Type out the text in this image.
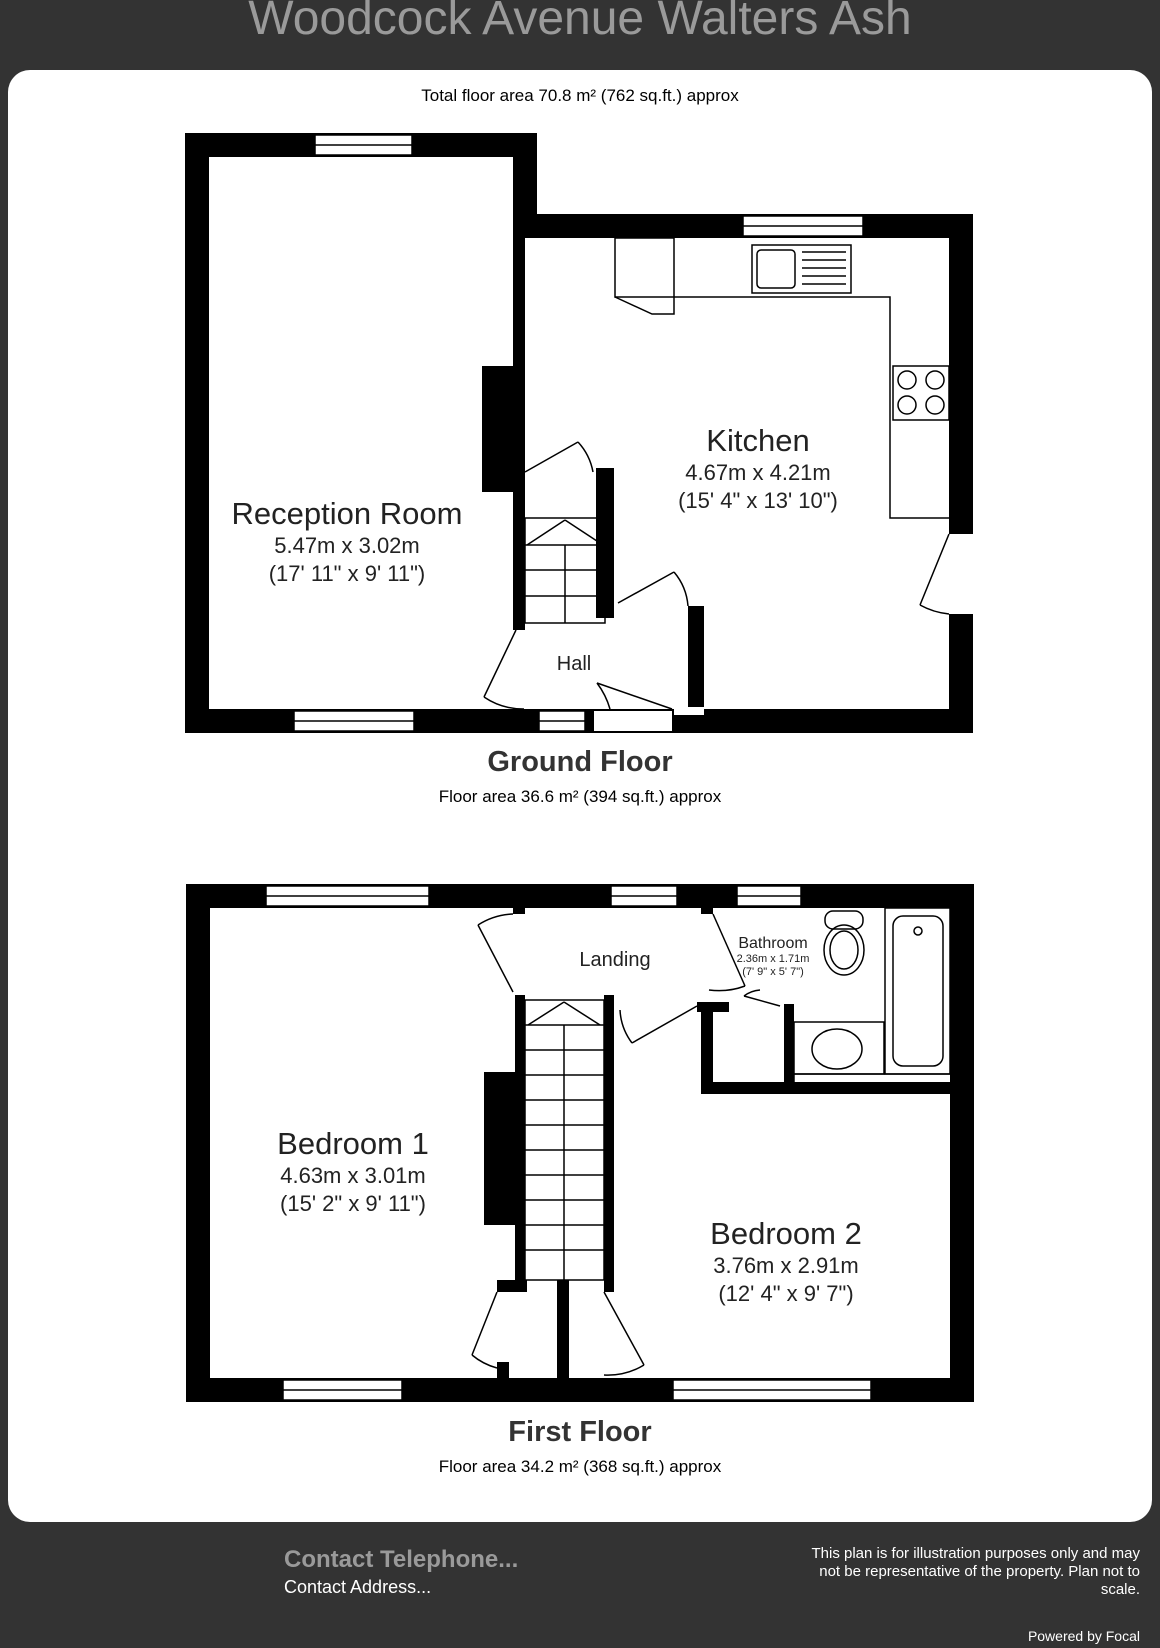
Woodcock Avenue Walters Ash
Total floor area 70.8 m² (762 sq.ft.) approx
Reception Room
5.47m x 3.02m
(17' 11" x 9' 11")
Kitchen
4.67m x 4.21m
(15' 4" x 13' 10")
Hall
Ground Floor
Floor area 36.6 m² (394 sq.ft.) approx
Bedroom 1
4.63m x 3.01m
(15' 2" x 9' 11")
Bedroom 2
3.76m x 2.91m
(12' 4" x 9' 7")
Landing
Bathroom
2.36m x 1.71m
(7' 9" x 5' 7")
First Floor
Floor area 34.2 m² (368 sq.ft.) approx
Contact Telephone...
Contact Address...
This plan is for illustration purposes only and may not be representative of the property. Plan not to scale.
Powered by Focal
